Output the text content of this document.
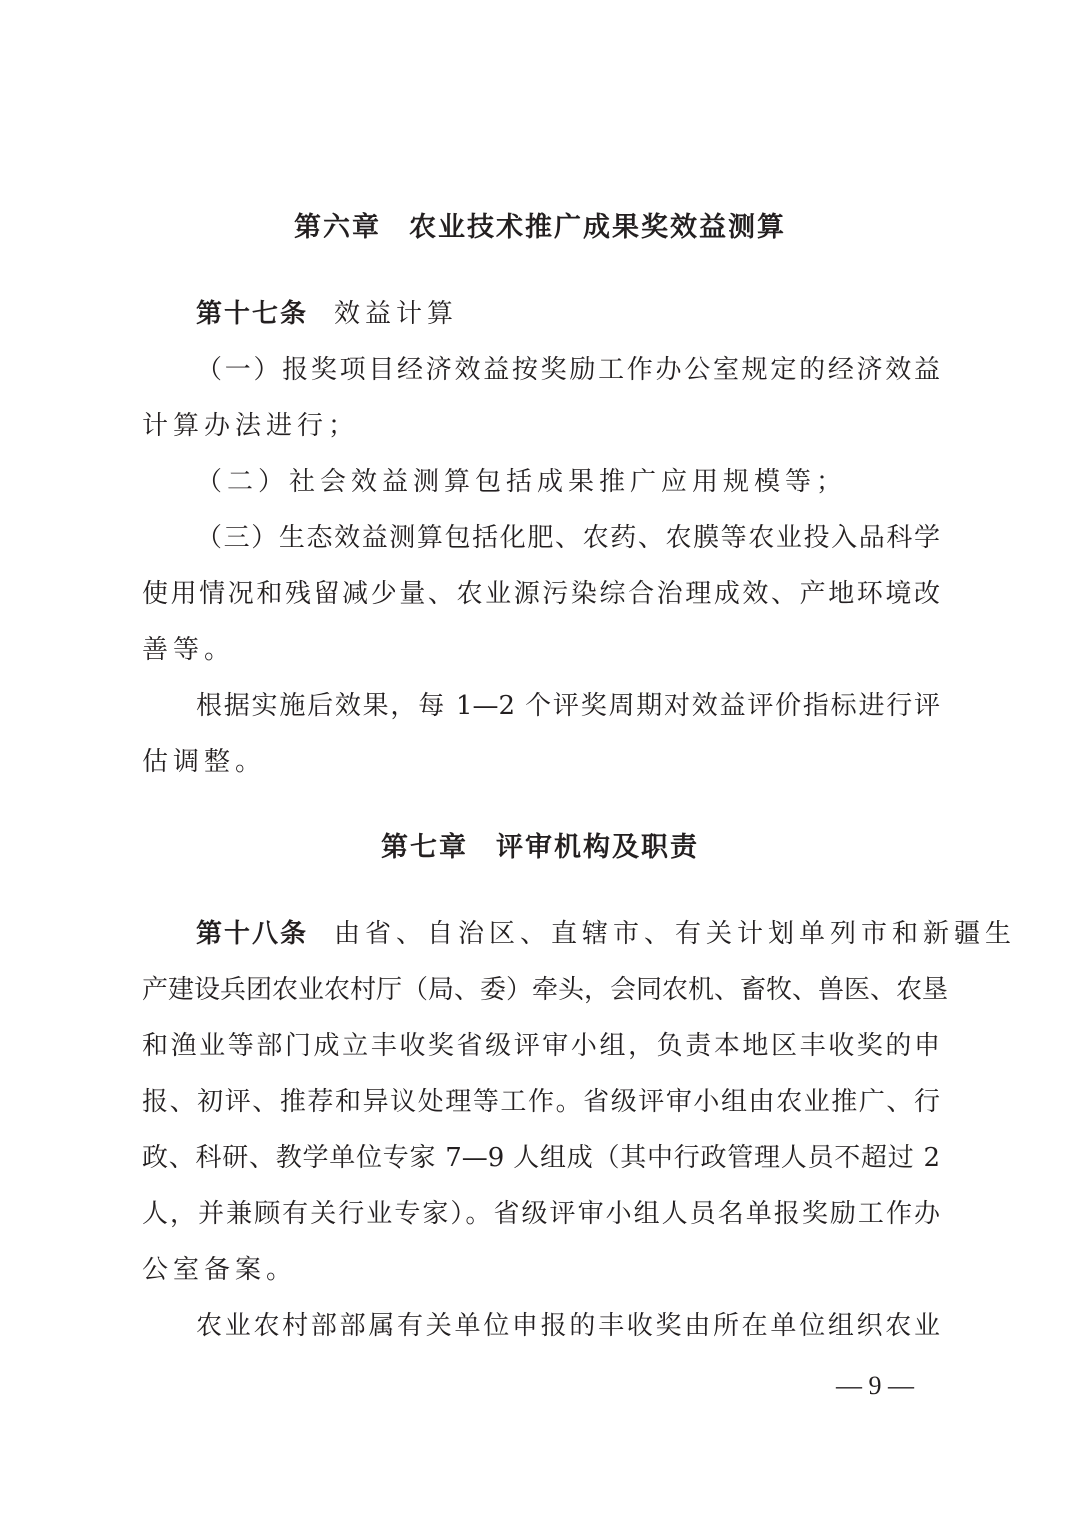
第六章 农业技术推广成果奖效益测算
第十七条 效益计算
（一）报奖项目经济效益按奖励工作办公室规定的经济效益
计算办法进行；
（二）社会效益测算包括成果推广应用规模等；
（三）生态效益测算包括化肥、农药、农膜等农业投入品科学
使用情况和残留减少量、农业源污染综合治理成效、产地环境改
善等。
根据实施后效果，每 1—2 个评奖周期对效益评价指标进行评
估调整。
第七章 评审机构及职责
第十八条 由省、自治区、直辖市、有关计划单列市和新疆生
产建设兵团农业农村厅（局、委）牵头，会同农机、畜牧、兽医、农垦
和渔业等部门成立丰收奖省级评审小组，负责本地区丰收奖的申
报、初评、推荐和异议处理等工作。省级评审小组由农业推广、行
政、科研、教学单位专家 7—9 人组成（其中行政管理人员不超过 2
人，并兼顾有关行业专家）。省级评审小组人员名单报奖励工作办
公室备案。
农业农村部部属有关单位申报的丰收奖由所在单位组织农业
— 9 —
